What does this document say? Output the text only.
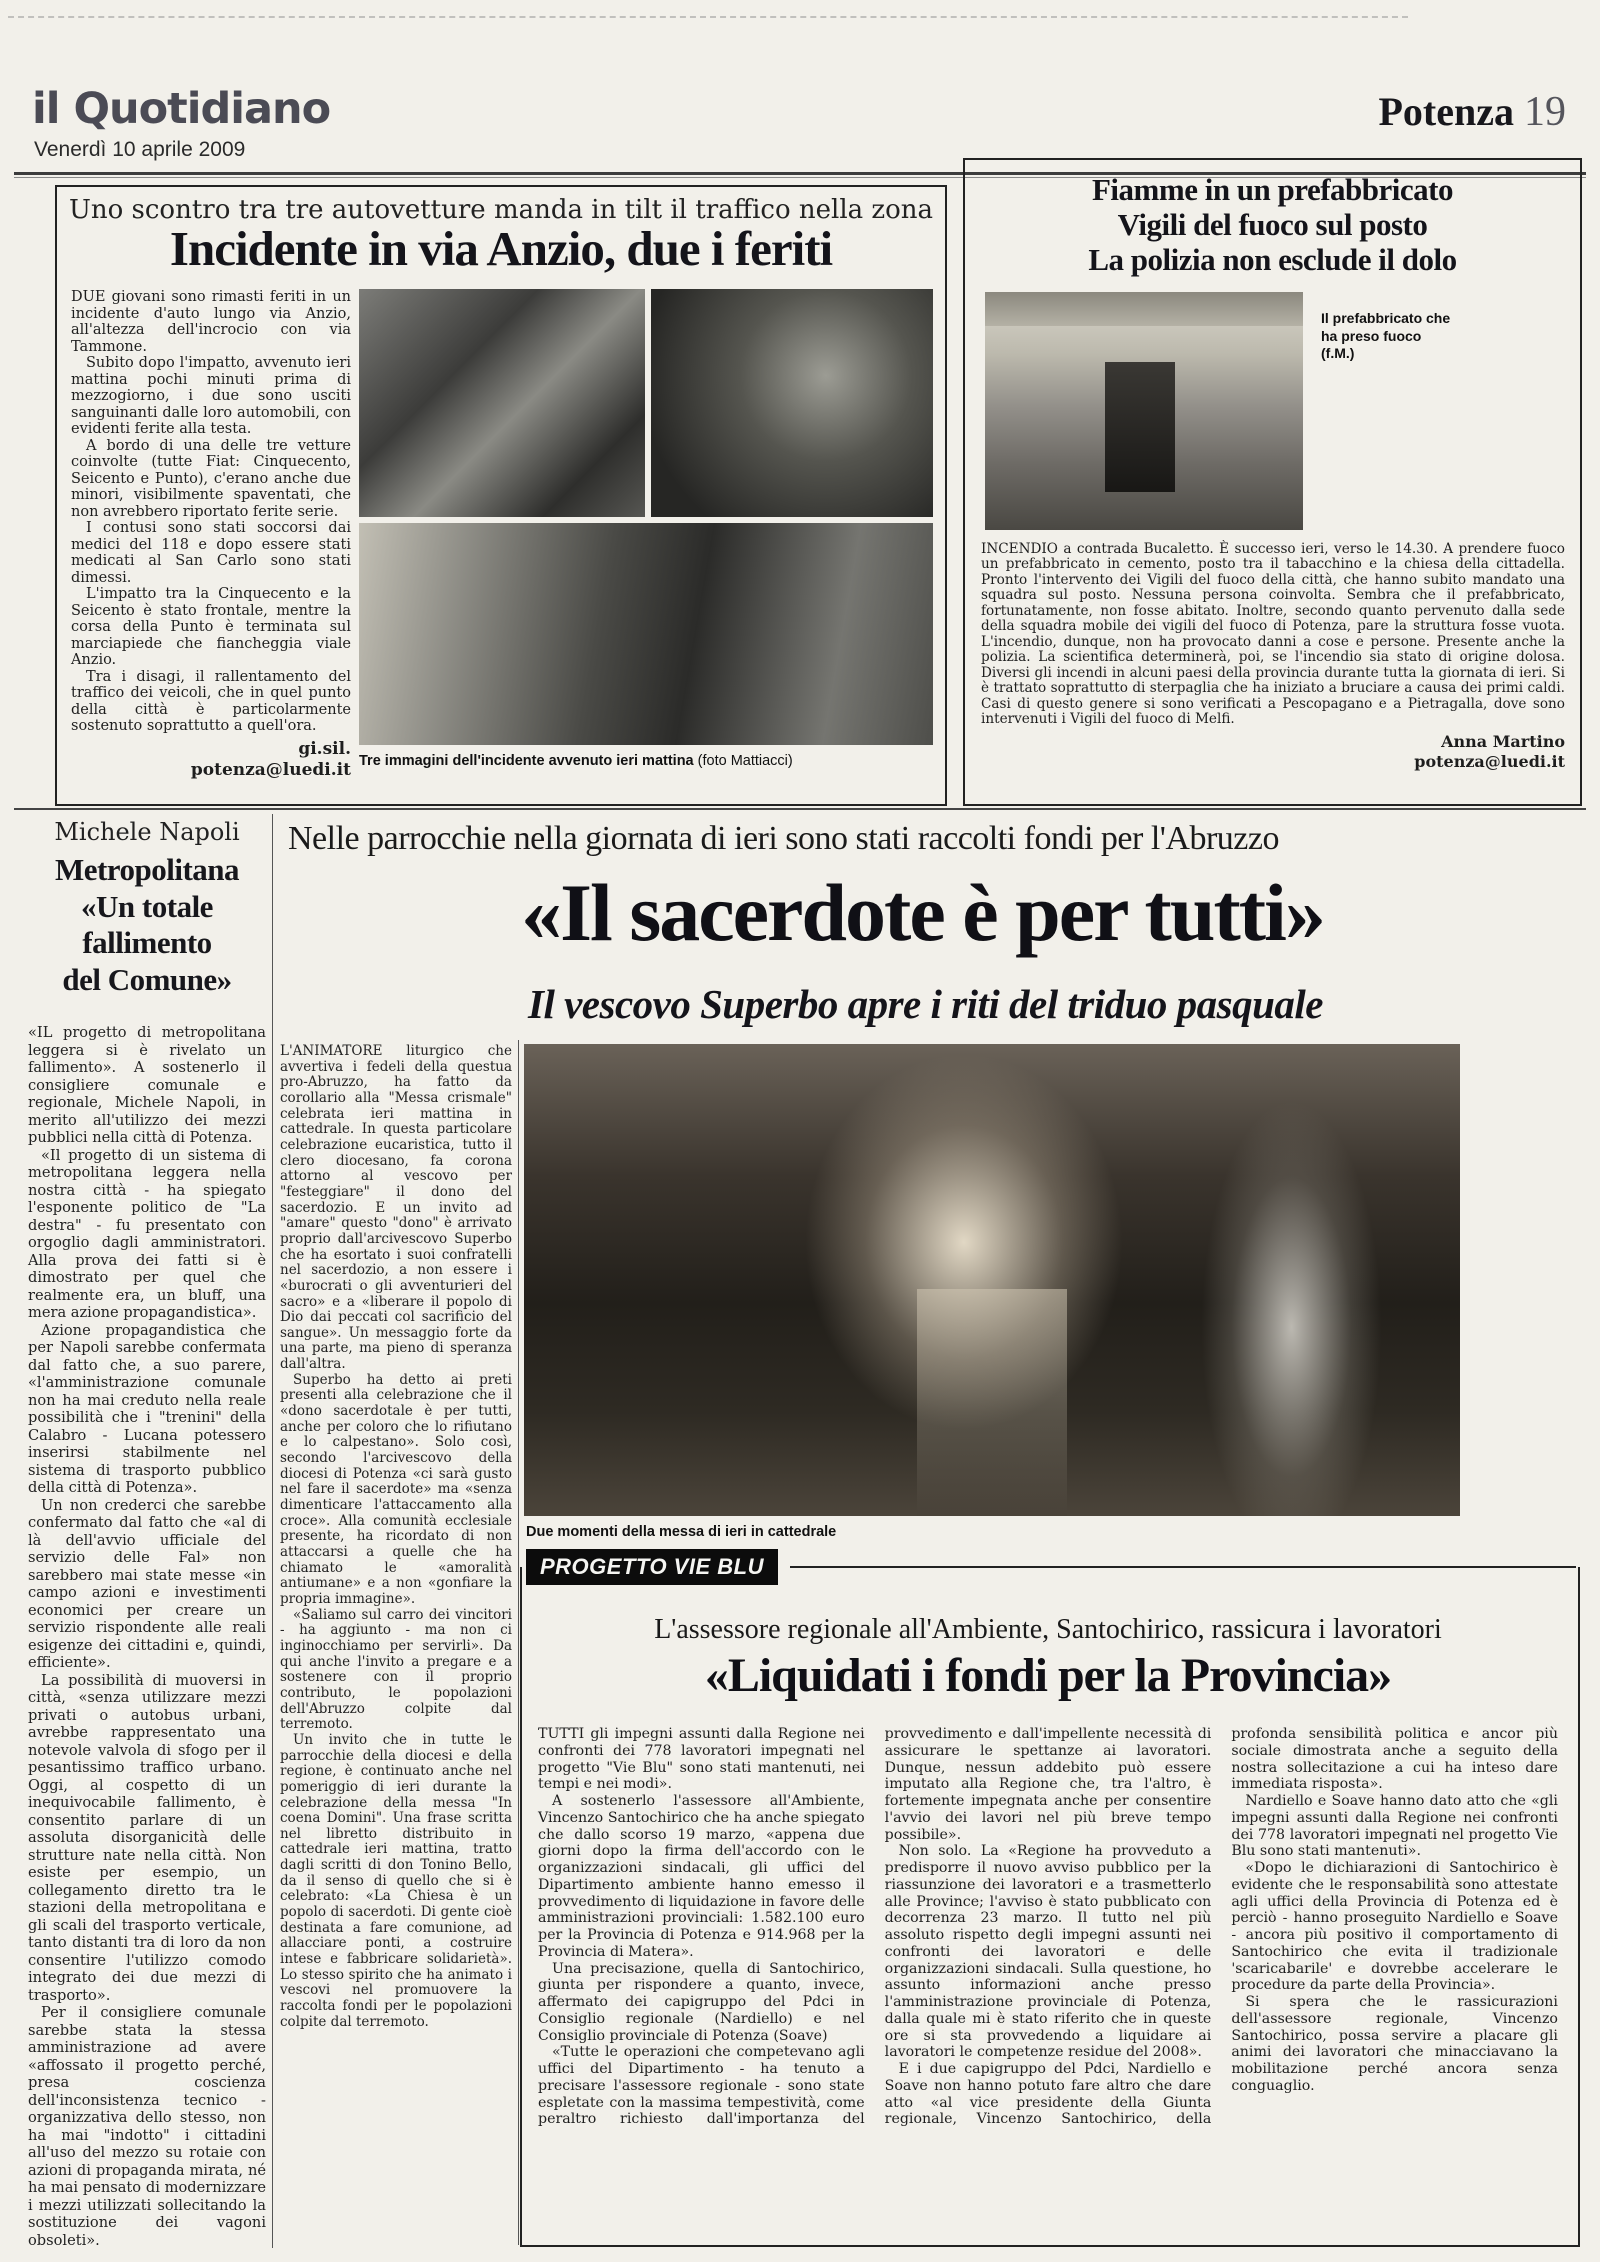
il Quotidiano
Venerdì 10 aprile 2009
Potenza 19
Uno scontro tra tre autovetture manda in tilt il traffico nella zona
Incidente in via Anzio, due i feriti

DUE giovani sono rimasti feriti in un incidente d'auto lungo via Anzio, all'altezza dell'incrocio con via Tammone.

Subito dopo l'impatto, avvenuto ieri mattina pochi minuti prima di mezzogiorno, i due sono usciti sanguinanti dalle loro automobili, con evidenti ferite alla testa.

A bordo di una delle tre vetture coinvolte (tutte Fiat: Cinquecento, Seicento e Punto), c'erano anche due minori, visibilmente spaventati, che non avrebbero riportato ferite serie.

I contusi sono stati soccorsi dai medici del 118 e dopo essere stati medicati al San Carlo sono stati dimessi.

L'impatto tra la Cinquecento e la Seicento è stato frontale, mentre la corsa della Punto è terminata sul marciapiede che fiancheggia viale Anzio.

Tra i disagi, il rallentamento del traffico dei veicoli, che in quel punto della città è particolarmente sostenuto soprattutto a quell'ora.

gi.sil.
potenza@luedi.it Tre immagini dell'incidente avvenuto ieri mattina (foto Mattiacci)
Fiamme in un prefabbricato
Vigili del fuoco sul posto
La polizia non esclude il dolo
Il prefabbricato che ha preso fuoco
(f.M.)

INCENDIO a contrada Bucaletto. È successo ieri, verso le 14.30. A prendere fuoco un prefabbricato in cemento, posto tra il tabacchino e la chiesa della cittadella. Pronto l'intervento dei Vigili del fuoco della città, che hanno subito mandato una squadra sul posto. Nessuna persona coinvolta. Sembra che il prefabbricato, fortunatamente, non fosse abitato. Inoltre, secondo quanto pervenuto dalla sede della squadra mobile dei vigili del fuoco di Potenza, pare la struttura fosse vuota. L'incendio, dunque, non ha provocato danni a cose e persone. Presente anche la polizia. La scientifica determinerà, poi, se l'incendio sia stato di origine dolosa. Diversi gli incendi in alcuni paesi della provincia durante tutta la giornata di ieri. Si è trattato soprattutto di sterpaglia che ha iniziato a bruciare a causa dei primi caldi. Casi di questo genere si sono verificati a Pescopagano e a Pietragalla, dove sono intervenuti i Vigili del fuoco di Melfi.

Anna Martino
potenza@luedi.it
Michele Napoli
Metropolitana
«Un totale
fallimento
del Comune»

«IL progetto di metropolitana leggera si è rivelato un fallimento». A sostenerlo il consigliere comunale e regionale, Michele Napoli, in merito all'utilizzo dei mezzi pubblici nella città di Potenza.

«Il progetto di un sistema di metropolitana leggera nella nostra città - ha spiegato l'esponente politico de "La destra" - fu presentato con orgoglio dagli amministratori. Alla prova dei fatti si è dimostrato per quel che realmente era, un bluff, una mera azione propagandistica».

Azione propagandistica che per Napoli sarebbe confermata dal fatto che, a suo parere, «l'amministrazione comunale non ha mai creduto nella reale possibilità che i "trenini" della Calabro - Lucana potessero inserirsi stabilmente nel sistema di trasporto pubblico della città di Potenza».

Un non crederci che sarebbe confermato dal fatto che «al di là dell'avvio ufficiale del servizio delle Fal» non sarebbero mai state messe «in campo azioni e investimenti economici per creare un servizio rispondente alle reali esigenze dei cittadini e, quindi, efficiente».

La possibilità di muoversi in città, «senza utilizzare mezzi privati o autobus urbani, avrebbe rappresentato una notevole valvola di sfogo per il pesantissimo traffico urbano. Oggi, al cospetto di un inequivocabile fallimento, è consentito parlare di un assoluta disorganicità delle strutture nate nella città. Non esiste per esempio, un collegamento diretto tra le stazioni della metropolitana e gli scali del trasporto verticale, tanto distanti tra di loro da non consentire l'utilizzo comodo integrato dei due mezzi di trasporto».

Per il consigliere comunale sarebbe stata la stessa amministrazione ad avere «affossato il progetto perché, presa coscienza dell'inconsistenza tecnico - organizzativa dello stesso, non ha mai "indotto" i cittadini all'uso del mezzo su rotaie con azioni di propaganda mirata, né ha mai pensato di modernizzare i mezzi utilizzati sollecitando la sostituzione dei vagoni obsoleti».

Nelle parrocchie nella giornata di ieri sono stati raccolti fondi per l'Abruzzo
«Il sacerdote è per tutti»
Il vescovo Superbo apre i riti del triduo pasquale

L'ANIMATORE liturgico che avvertiva i fedeli della questua pro-Abruzzo, ha fatto da corollario alla "Messa crismale" celebrata ieri mattina in cattedrale. In questa particolare celebrazione eucaristica, tutto il clero diocesano, fa corona attorno al vescovo per "festeggiare" il dono del sacerdozio. E un invito ad "amare" questo "dono" è arrivato proprio dall'arcivescovo Superbo che ha esortato i suoi confratelli nel sacerdozio, a non essere i «burocrati o gli avventurieri del sacro» e a «liberare il popolo di Dio dai peccati col sacrificio del sangue». Un messaggio forte da una parte, ma pieno di speranza dall'altra.

Superbo ha detto ai preti presenti alla celebrazione che il «dono sacerdotale è per tutti, anche per coloro che lo rifiutano e lo calpestano». Solo così, secondo l'arcivescovo della diocesi di Potenza «ci sarà gusto nel fare il sacerdote» ma «senza dimenticare l'attaccamento alla croce». Alla comunità ecclesiale presente, ha ricordato di non attaccarsi a quelle che ha chiamato le «amoralità antiumane» e a non «gonfiare la propria immagine».

«Saliamo sul carro dei vincitori - ha aggiunto - ma non ci inginocchiamo per servirli». Da qui anche l'invito a pregare e a sostenere con il proprio contributo, le popolazioni dell'Abruzzo colpite dal terremoto.

Un invito che in tutte le parrocchie della diocesi e della regione, è continuato anche nel pomeriggio di ieri durante la celebrazione della messa "In coena Domini". Una frase scritta nel libretto distribuito in cattedrale ieri mattina, tratto dagli scritti di don Tonino Bello, da il senso di quello che si è celebrato: «La Chiesa è un popolo di sacerdoti. Di gente cioè destinata a fare comunione, ad allacciare ponti, a costruire intese e fabbricare solidarietà». Lo stesso spirito che ha animato i vescovi nel promuovere la raccolta fondi per le popolazioni colpite dal terremoto.

Due momenti della messa di ieri in cattedrale
PROGETTO VIE BLU
L'assessore regionale all'Ambiente, Santochirico, rassicura i lavoratori
«Liquidati i fondi per la Provincia»

TUTTI gli impegni assunti dalla Regione nei confronti dei 778 lavoratori impegnati nel progetto "Vie Blu" sono stati mantenuti, nei tempi e nei modi».

A sostenerlo l'assessore all'Ambiente, Vincenzo Santochirico che ha anche spiegato che dallo scorso 19 marzo, «appena due giorni dopo la firma dell'accordo con le organizzazioni sindacali, gli uffici del Dipartimento ambiente hanno emesso il provvedimento di liquidazione in favore delle amministrazioni provinciali: 1.582.100 euro per la Provincia di Potenza e 914.968 per la Provincia di Matera».

Una precisazione, quella di Santochirico, giunta per rispondere a quanto, invece, affermato dei capigruppo del Pdci in Consiglio regionale (Nardiello) e nel Consiglio provinciale di Potenza (Soave)

«Tutte le operazioni che competevano agli uffici del Dipartimento - ha tenuto a precisare l'assessore regionale - sono state espletate con la massima tempestività, come peraltro richiesto dall'importanza del provvedimento e dall'impellente necessità di assicurare le spettanze ai lavoratori. Dunque, nessun addebito può essere imputato alla Regione che, tra l'altro, è fortemente impegnata anche per consentire l'avvio dei lavori nel più breve tempo possibile».

Non solo. La «Regione ha provveduto a predisporre il nuovo avviso pubblico per la riassunzione dei lavoratori e a trasmetterlo alle Province; l'avviso è stato pubblicato con decorrenza 23 marzo. Il tutto nel più assoluto rispetto degli impegni assunti nei confronti dei lavoratori e delle organizzazioni sindacali. Sulla questione, ho assunto informazioni anche presso l'amministrazione provinciale di Potenza, dalla quale mi è stato riferito che in queste ore si sta provvedendo a liquidare ai lavoratori le competenze residue del 2008».

E i due capigruppo del Pdci, Nardiello e Soave non hanno potuto fare altro che dare atto «al vice presidente della Giunta regionale, Vincenzo Santochirico, della profonda sensibilità politica e ancor più sociale dimostrata anche a seguito della nostra sollecitazione a cui ha inteso dare immediata risposta».

Nardiello e Soave hanno dato atto che «gli impegni assunti dalla Regione nei confronti dei 778 lavoratori impegnati nel progetto Vie Blu sono stati mantenuti».

«Dopo le dichiarazioni di Santochirico è evidente che le responsabilità sono attestate agli uffici della Provincia di Potenza ed è perciò - hanno proseguito Nardiello e Soave - ancora più positivo il comportamento di Santochirico che evita il tradizionale 'scaricabarile' e dovrebbe accelerare le procedure da parte della Provincia».

Si spera che le rassicurazioni dell'assessore regionale, Vincenzo Santochirico, possa servire a placare gli animi dei lavoratori che minacciavano la mobilitazione perché ancora senza conguaglio.
